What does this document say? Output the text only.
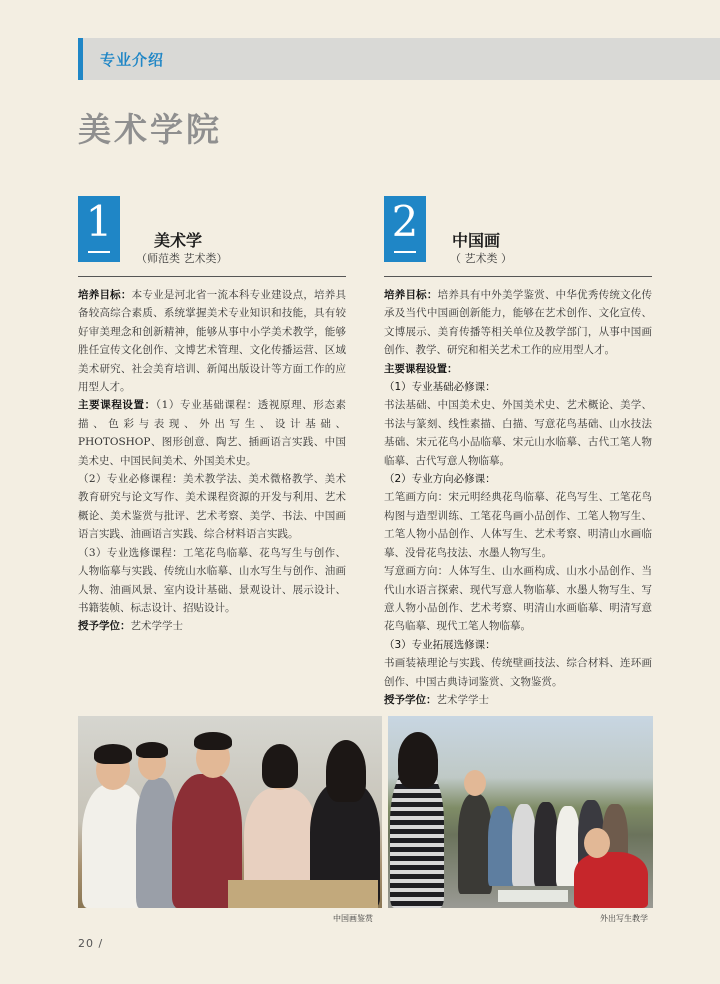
专业介绍
美术学院
1	美术学
（师范类 艺术类）

培养目标：本专业是河北省一流本科专业建设点，培养具备较高综合素质、系统掌握美术专业知识和技能，具有较好审美理念和创新精神，能够从事中小学美术教学，能够胜任宣传文化创作、文博艺术管理、文化传播运营、区域美术研究、社会美育培训、新闻出版设计等方面工作的应用型人才。

主要课程设置：（1）专业基础课程：透视原理、形态素描、色彩与表现、外出写生、设计基础、PHOTOSHOP、图形创意、陶艺、插画语言实践、中国美术史、中国民间美术、外国美术史。

（2）专业必修课程：美术教学法、美术微格教学、美术教育研究与论文写作、美术课程资源的开发与利用、艺术概论、美术鉴赏与批评、艺术考察、美学、书法、中国画语言实践、油画语言实践、综合材料语言实践。

（3）专业选修课程：工笔花鸟临摹、花鸟写生与创作、人物临摹与实践、传统山水临摹、山水写生与创作、油画人物、油画风景、室内设计基础、景观设计、展示设计、书籍装帧、标志设计、招贴设计。

授予学位：艺术学学士

2	中国画
（ 艺术类 ）

培养目标：培养具有中外美学鉴赏、中华优秀传统文化传承及当代中国画创新能力，能够在艺术创作、文化宣传、文博展示、美育传播等相关单位及教学部门，从事中国画创作、教学、研究和相关艺术工作的应用型人才。

主要课程设置：

（1）专业基础必修课：

书法基础、中国美术史、外国美术史、艺术概论、美学、书法与篆刻、线性素描、白描、写意花鸟基础、山水技法基础、宋元花鸟小品临摹、宋元山水临摹、古代工笔人物临摹、古代写意人物临摹。

（2）专业方向必修课：

工笔画方向：宋元明经典花鸟临摹、花鸟写生、工笔花鸟构图与造型训练、工笔花鸟画小品创作、工笔人物写生、工笔人物小品创作、人体写生、艺术考察、明清山水画临摹、没骨花鸟技法、水墨人物写生。

写意画方向：人体写生、山水画构成、山水小品创作、当代山水语言探索、现代写意人物临摹、水墨人物写生、写意人物小品创作、艺术考察、明清山水画临摹、明清写意花鸟临摹、现代工笔人物临摹。

（3）专业拓展选修课：

书画装裱理论与实践、传统壁画技法、综合材料、连环画创作、中国古典诗词鉴赏、文物鉴赏。

授予学位：艺术学学士

中国画鉴赏	外出写生教学
20 /
